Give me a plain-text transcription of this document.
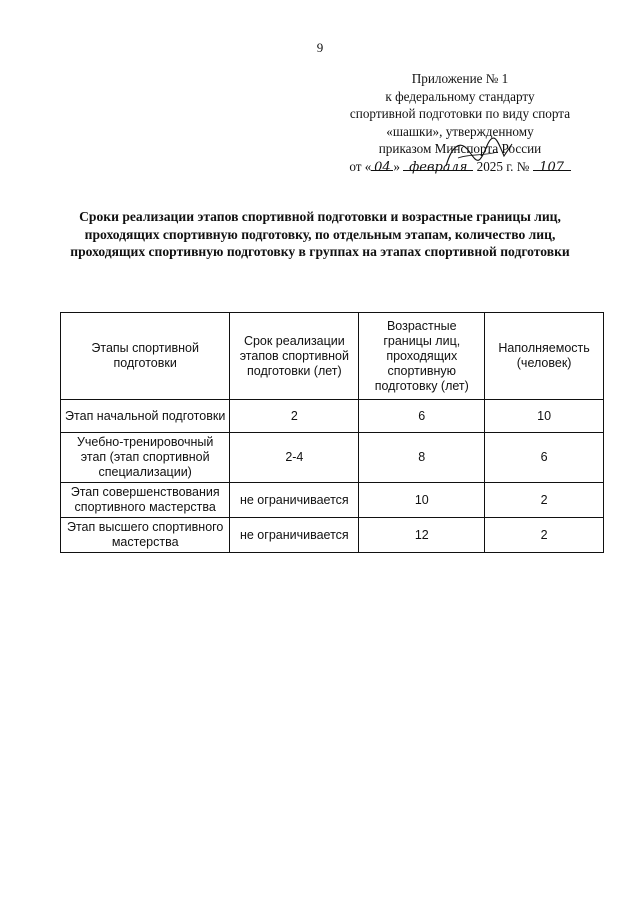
9
Приложение № 1
к федеральному стандарту
спортивной подготовки по виду спорта
«шашки», утвержденному
приказом Минспорта России
от « 04 » февраля 2025 г. № 107
Сроки реализации этапов спортивной подготовки и возрастные границы лиц, проходящих спортивную подготовку, по отдельным этапам, количество лиц, проходящих спортивную подготовку в группах на этапах спортивной подготовки
Этапы спортивной подготовки	Срок реализации этапов спортивной подготовки (лет)	Возрастные границы лиц, проходящих спортивную подготовку (лет)	Наполняемость (человек)
Этап начальной подготовки	2	6	10
Учебно-тренировочный этап (этап спортивной специализации)	2-4	8	6
Этап совершенствования спортивного мастерства	не ограничивается	10	2
Этап высшего спортивного мастерства	не ограничивается	12	2
